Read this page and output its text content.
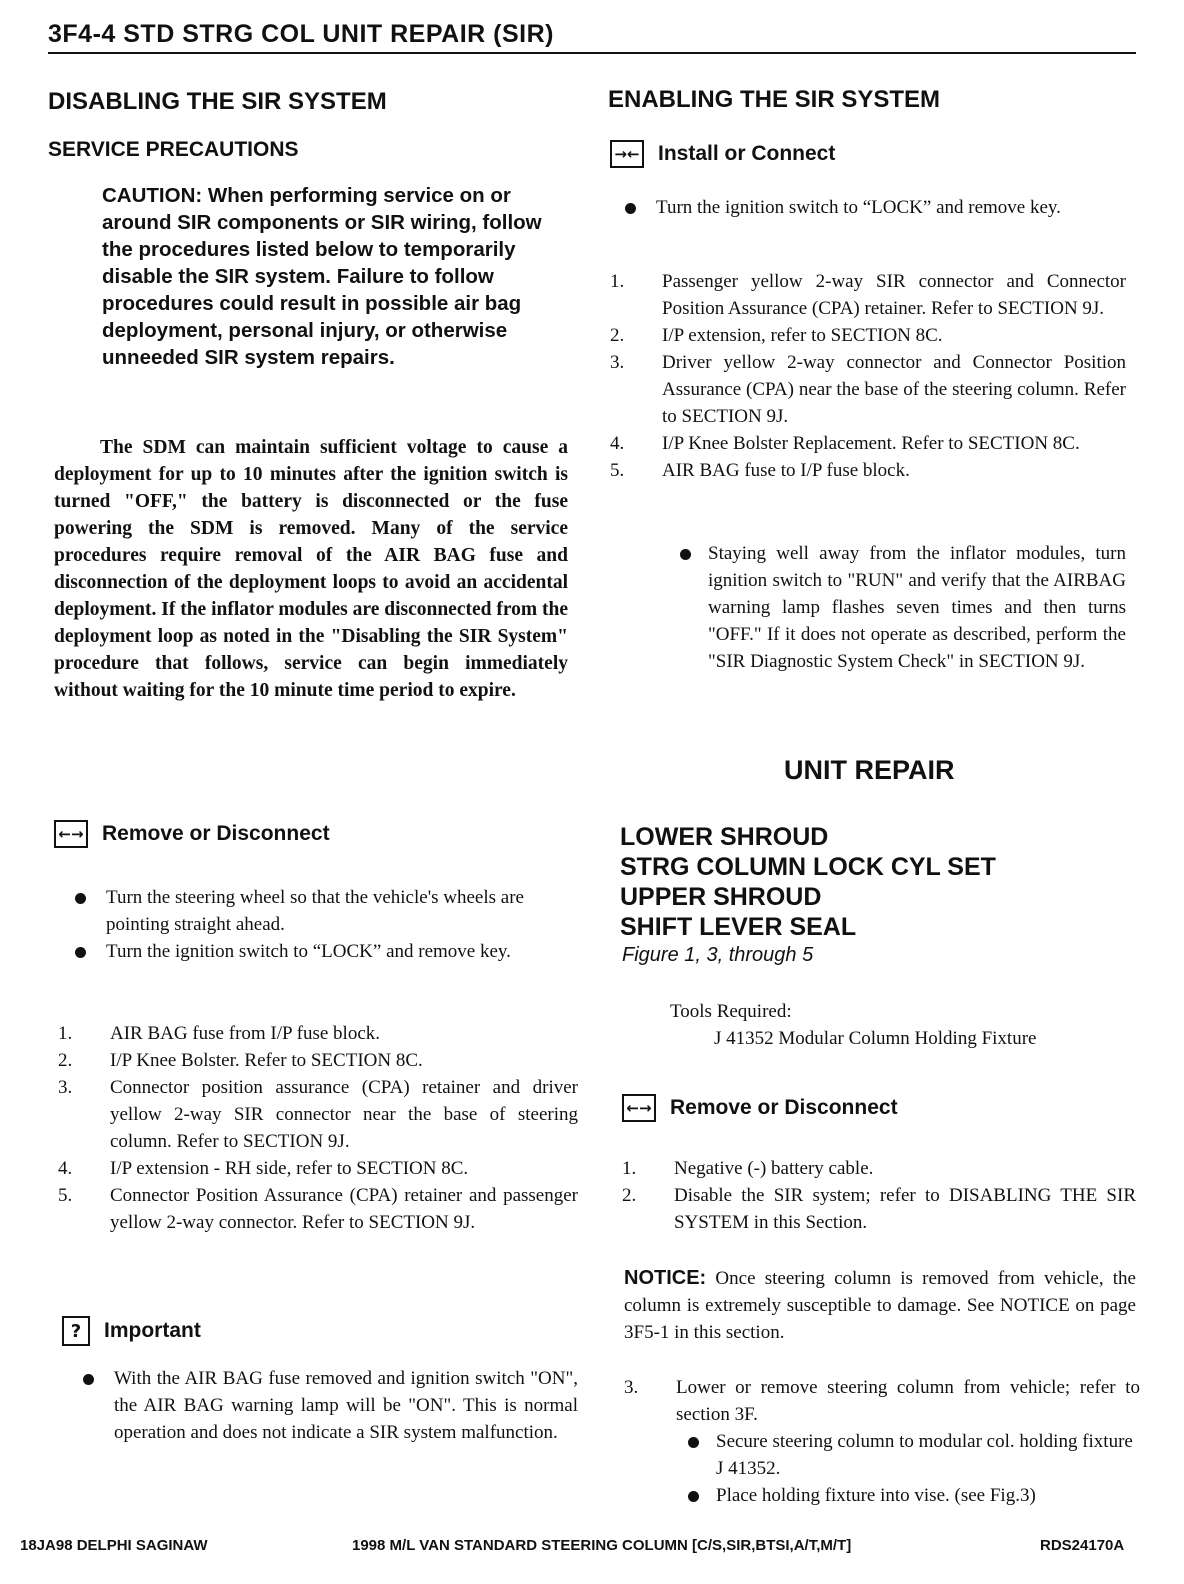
3F4-4 STD STRG COL UNIT REPAIR (SIR)
DISABLING THE SIR SYSTEM
SERVICE PRECAUTIONS
CAUTION: When performing service on or around SIR components or SIR wiring, follow the procedures listed below to temporarily disable the SIR system. Failure to follow procedures could result in possible air bag deployment, personal injury, or otherwise unneeded SIR system repairs.
The SDM can maintain sufficient voltage to cause a deployment for up to 10 minutes after the ignition switch is turned "OFF," the battery is disconnected or the fuse powering the SDM is removed. Many of the service procedures require removal of the AIR BAG fuse and disconnection of the deployment loops to avoid an accidental deployment. If the inflator modules are disconnected from the deployment loop as noted in the "Disabling the SIR System" procedure that follows, service can begin immediately without waiting for the 10 minute time period to expire.
←→ Remove or Disconnect
Turn the steering wheel so that the vehicle's wheels are pointing straight ahead.
Turn the ignition switch to “LOCK” and remove key.
1.	AIR BAG fuse from I/P fuse block.
2.	I/P Knee Bolster. Refer to SECTION 8C.
3.	Connector position assurance (CPA) retainer and driver yellow 2-way SIR connector near the base of steering column. Refer to SECTION 9J.
4.	I/P extension - RH side, refer to SECTION 8C.
5.	Connector Position Assurance (CPA) retainer and passenger yellow 2-way connector. Refer to SECTION 9J.
?	Important
With the AIR BAG fuse removed and ignition switch "ON", the AIR BAG warning lamp will be "ON". This is normal operation and does not indicate a SIR system malfunction.
ENABLING THE SIR SYSTEM
→← Install or Connect
Turn the ignition switch to “LOCK” and remove key.
1.	Passenger yellow 2-way SIR connector and Connector Position Assurance (CPA) retainer. Refer to SECTION 9J.
2.	I/P extension, refer to SECTION 8C.
3.	Driver yellow 2-way connector and Connector Position Assurance (CPA) near the base of the steering column. Refer to SECTION 9J.
4.	I/P Knee Bolster Replacement. Refer to SECTION 8C.
5.	AIR BAG fuse to I/P fuse block.
Staying well away from the inflator modules, turn ignition switch to "RUN" and verify that the AIRBAG warning lamp flashes seven times and then turns "OFF." If it does not operate as described, perform the "SIR Diagnostic System Check" in SECTION 9J.
UNIT REPAIR
LOWER SHROUD
STRG COLUMN LOCK CYL SET
UPPER SHROUD
SHIFT LEVER SEAL
Figure 1, 3, through 5
Tools Required:
J 41352 Modular Column Holding Fixture
←→ Remove or Disconnect
1.	Negative (-) battery cable.
2.	Disable the SIR system; refer to DISABLING THE SIR SYSTEM in this Section.
NOTICE: Once steering column is removed from vehicle, the column is extremely susceptible to damage. See NOTICE on page 3F5-1 in this section.
3.	Lower or remove steering column from vehicle; refer to section 3F.
Secure steering column to modular col. holding fixture J 41352.
Place holding fixture into vise. (see Fig.3)
18JA98 DELPHI SAGINAW	1998 M/L VAN STANDARD STEERING COLUMN [C/S,SIR,BTSI,A/T,M/T]	RDS24170A
